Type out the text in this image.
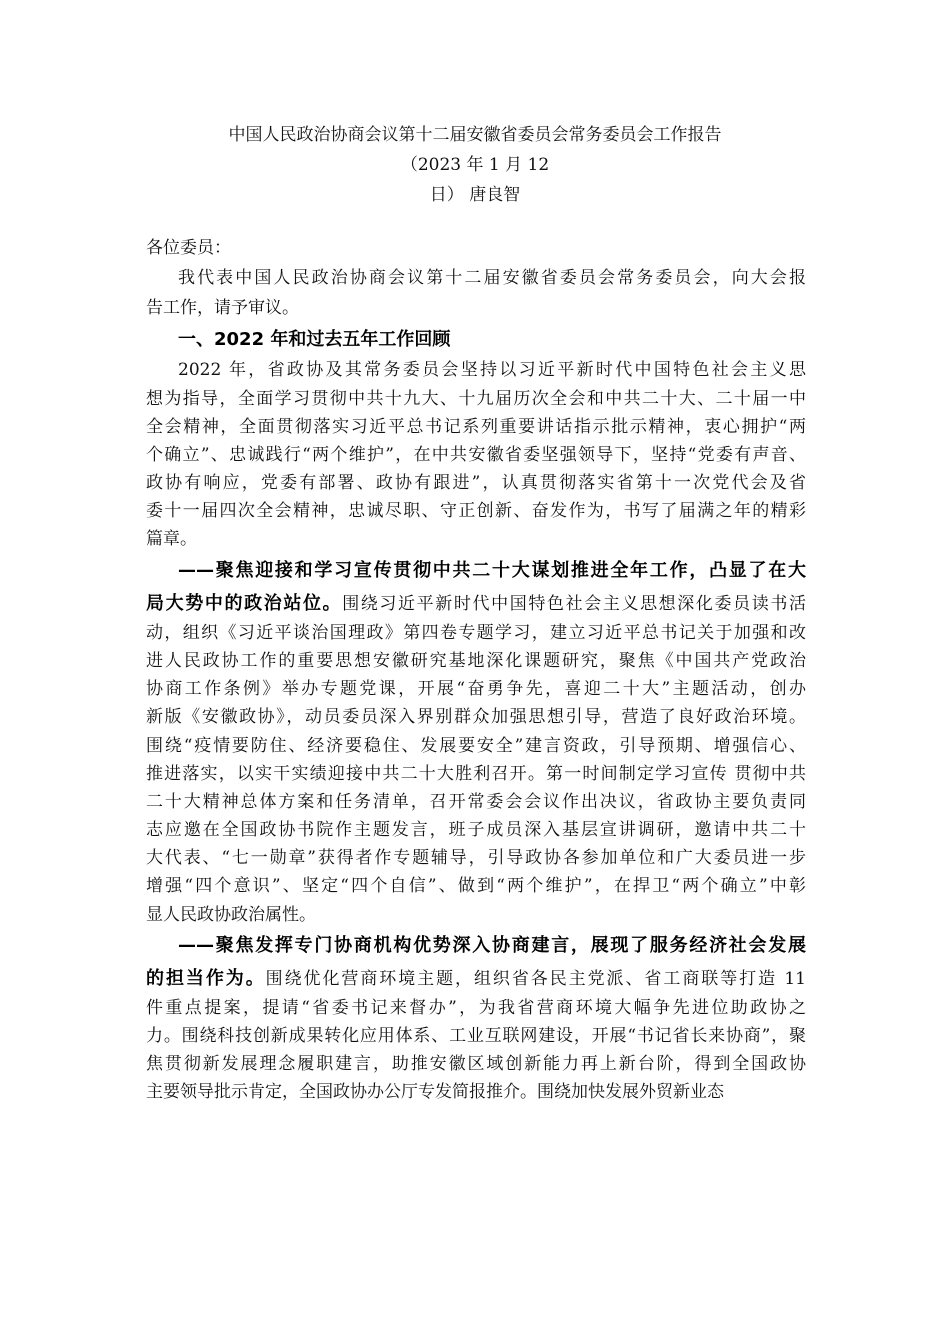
中国人民政治协商会议第十二届安徽省委员会常务委员会工作报告
（2023 年 1 月 12
日） 唐良智
各位委员：
我代表中国人民政治协商会议第十二届安徽省委员会常务委员会，向大会报
告工作，请予审议。
一、2022 年和过去五年工作回顾
2022 年，省政协及其常务委员会坚持以习近平新时代中国特色社会主义思
想为指导，全面学习贯彻中共十九大、十九届历次全会和中共二十大、二十届一中
全会精神，全面贯彻落实习近平总书记系列重要讲话指示批示精神，衷心拥护“两
个确立”、忠诚践行“两个维护”，在中共安徽省委坚强领导下，坚持“党委有声音、
政协有响应，党委有部署、政协有跟进”，认真贯彻落实省第十一次党代会及省
委十一届四次全会精神，忠诚尽职、守正创新、奋发作为，书写了届满之年的精彩
篇章。
——聚焦迎接和学习宣传贯彻中共二十大谋划推进全年工作，凸显了在大
局大势中的政治站位。围绕习近平新时代中国特色社会主义思想深化委员读书活
动，组织《习近平谈治国理政》第四卷专题学习，建立习近平总书记关于加强和改
进人民政协工作的重要思想安徽研究基地深化课题研究，聚焦《中国共产党政治
协商工作条例》举办专题党课，开展“奋勇争先，喜迎二十大”主题活动，创办
新版《安徽政协》，动员委员深入界别群众加强思想引导，营造了良好政治环境。
围绕“疫情要防住、经济要稳住、发展要安全”建言资政，引导预期、增强信心、
推进落实，以实干实绩迎接中共二十大胜利召开。第一时间制定学习宣传 贯彻中共
二十大精神总体方案和任务清单，召开常委会会议作出决议，省政协主要负责同
志应邀在全国政协书院作主题发言，班子成员深入基层宣讲调研，邀请中共二十
大代表、“七一勋章”获得者作专题辅导，引导政协各参加单位和广大委员进一步
增强“四个意识”、坚定“四个自信”、做到“两个维护”，在捍卫“两个确立”中彰
显人民政协政治属性。
——聚焦发挥专门协商机构优势深入协商建言，展现了服务经济社会发展
的担当作为。围绕优化营商环境主题，组织省各民主党派、省工商联等打造 11
件重点提案，提请“省委书记来督办”，为我省营商环境大幅争先进位助政协之
力。围绕科技创新成果转化应用体系、工业互联网建设，开展“书记省长来协商”，聚
焦贯彻新发展理念履职建言，助推安徽区域创新能力再上新台阶，得到全国政协
主要领导批示肯定，全国政协办公厅专发简报推介。围绕加快发展外贸新业态
